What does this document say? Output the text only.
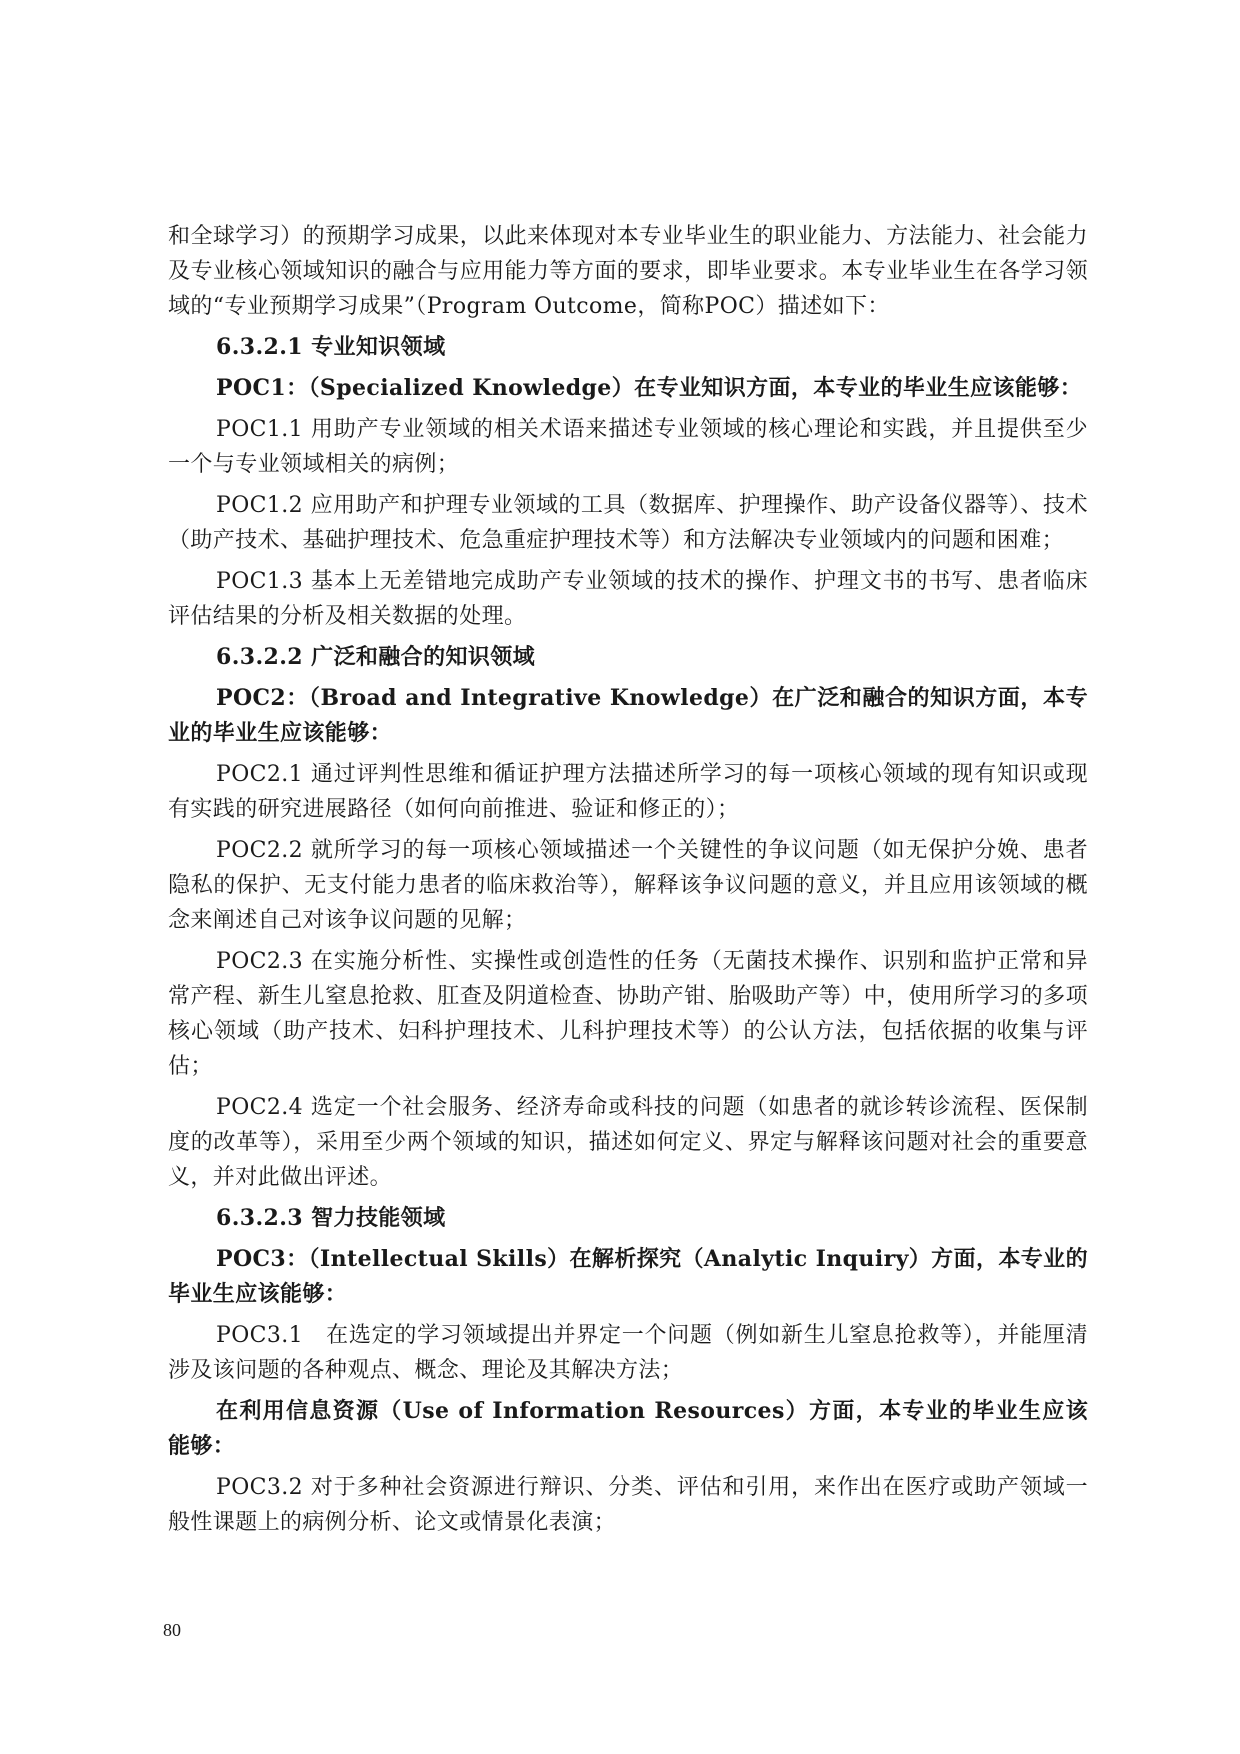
和全球学习）的预期学习成果，以此来体现对本专业毕业生的职业能力、方法能力、社会能力及专业核心领域知识的融合与应用能力等方面的要求，即毕业要求。本专业毕业生在各学习领域的“专业预期学习成果”（Program Outcome，简称POC）描述如下：

6.3.2.1 专业知识领域

POC1：（Specialized Knowledge）在专业知识方面，本专业的毕业生应该能够：

POC1.1 用助产专业领域的相关术语来描述专业领域的核心理论和实践，并且提供至少一个与专业领域相关的病例；

POC1.2 应用助产和护理专业领域的工具（数据库、护理操作、助产设备仪器等）、技术（助产技术、基础护理技术、危急重症护理技术等）和方法解决专业领域内的问题和困难；

POC1.3 基本上无差错地完成助产专业领域的技术的操作、护理文书的书写、患者临床评估结果的分析及相关数据的处理。

6.3.2.2 广泛和融合的知识领域

POC2：（Broad and Integrative Knowledge）在广泛和融合的知识方面，本专业的毕业生应该能够：

POC2.1 通过评判性思维和循证护理方法描述所学习的每一项核心领域的现有知识或现有实践的研究进展路径（如何向前推进、验证和修正的）；

POC2.2 就所学习的每一项核心领域描述一个关键性的争议问题（如无保护分娩、患者隐私的保护、无支付能力患者的临床救治等），解释该争议问题的意义，并且应用该领域的概念来阐述自己对该争议问题的见解；

POC2.3 在实施分析性、实操性或创造性的任务（无菌技术操作、识别和监护正常和异常产程、新生儿窒息抢救、肛查及阴道检查、协助产钳、胎吸助产等）中，使用所学习的多项核心领域（助产技术、妇科护理技术、儿科护理技术等）的公认方法，包括依据的收集与评估；

POC2.4 选定一个社会服务、经济寿命或科技的问题（如患者的就诊转诊流程、医保制度的改革等），采用至少两个领域的知识，描述如何定义、界定与解释该问题对社会的重要意义，并对此做出评述。

6.3.2.3 智力技能领域

POC3：（Intellectual Skills）在解析探究（Analytic Inquiry）方面，本专业的毕业生应该能够：

POC3.1　在选定的学习领域提出并界定一个问题（例如新生儿窒息抢救等），并能厘清涉及该问题的各种观点、概念、理论及其解决方法；

在利用信息资源（Use of Information Resources）方面，本专业的毕业生应该能够：

POC3.2 对于多种社会资源进行辩识、分类、评估和引用，来作出在医疗或助产领域一般性课题上的病例分析、论文或情景化表演；

80
